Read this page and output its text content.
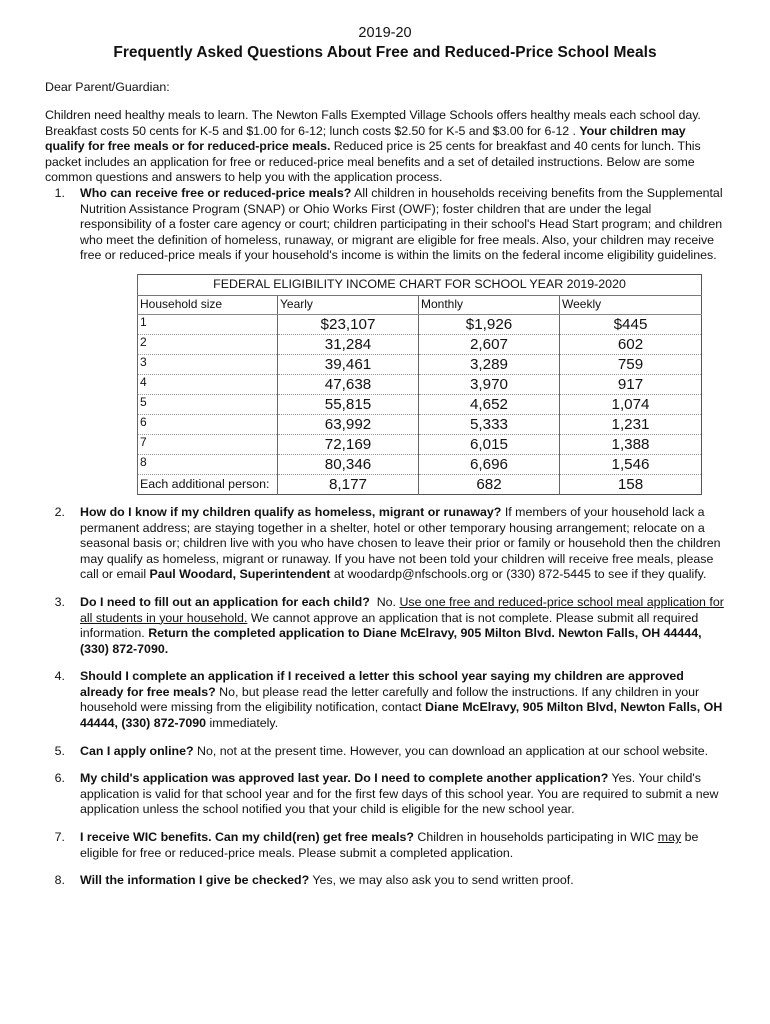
2019-20

Frequently Asked Questions About Free and Reduced-Price School Meals

Dear Parent/Guardian:

Children need healthy meals to learn. The Newton Falls Exempted Village Schools offers healthy meals each school day. Breakfast costs 50 cents for K-5 and $1.00 for 6-12; lunch costs $2.50 for K-5 and $3.00 for 6-12 . Your children may qualify for free meals or for reduced-price meals. Reduced price is 25 cents for breakfast and 40 cents for lunch. This packet includes an application for free or reduced-price meal benefits and a set of detailed instructions. Below are some common questions and answers to help you with the application process.

1. Who can receive free or reduced-price meals? All children in households receiving benefits from the Supplemental Nutrition Assistance Program (SNAP) or Ohio Works First (OWF); foster children that are under the legal responsibility of a foster care agency or court; children participating in their school's Head Start program; and children who meet the definition of homeless, runaway, or migrant are eligible for free meals. Also, your children may receive free or reduced-price meals if your household's income is within the limits on the federal income eligibility guidelines.
FEDERAL ELIGIBILITY INCOME CHART FOR SCHOOL YEAR 2019-2020			
Household size	Yearly	Monthly	Weekly
1	$23,107	$1,926	$445
2	31,284	2,607	602
3	39,461	3,289	759
4	47,638	3,970	917
5	55,815	4,652	1,074
6	63,992	5,333	1,231
7	72,169	6,015	1,388
8	80,346	6,696	1,546
Each additional person:	8,177	682	158
2. How do I know if my children qualify as homeless, migrant or runaway? If members of your household lack a permanent address; are staying together in a shelter, hotel or other temporary housing arrangement; relocate on a seasonal basis or; children live with you who have chosen to leave their prior or family or household then the children may qualify as homeless, migrant or runaway. If you have not been told your children will receive free meals, please call or email Paul Woodard, Superintendent at woodardp@nfschools.org or (330) 872-5445 to see if they qualify.
3. Do I need to fill out an application for each child?  No. Use one free and reduced-price school meal application for all students in your household. We cannot approve an application that is not complete. Please submit all required information. Return the completed application to Diane McElravy, 905 Milton Blvd. Newton Falls, OH 44444, (330) 872-7090.
4. Should I complete an application if I received a letter this school year saying my children are approved already for free meals? No, but please read the letter carefully and follow the instructions. If any children in your household were missing from the eligibility notification, contact Diane McElravy, 905 Milton Blvd, Newton Falls, OH 44444, (330) 872-7090 immediately.
5. Can I apply online? No, not at the present time. However, you can download an application at our school website.
6. My child's application was approved last year. Do I need to complete another application? Yes. Your child's application is valid for that school year and for the first few days of this school year. You are required to submit a new application unless the school notified you that your child is eligible for the new school year.
7. I receive WIC benefits. Can my child(ren) get free meals? Children in households participating in WIC may be eligible for free or reduced-price meals. Please submit a completed application.
8. Will the information I give be checked? Yes, we may also ask you to send written proof.
